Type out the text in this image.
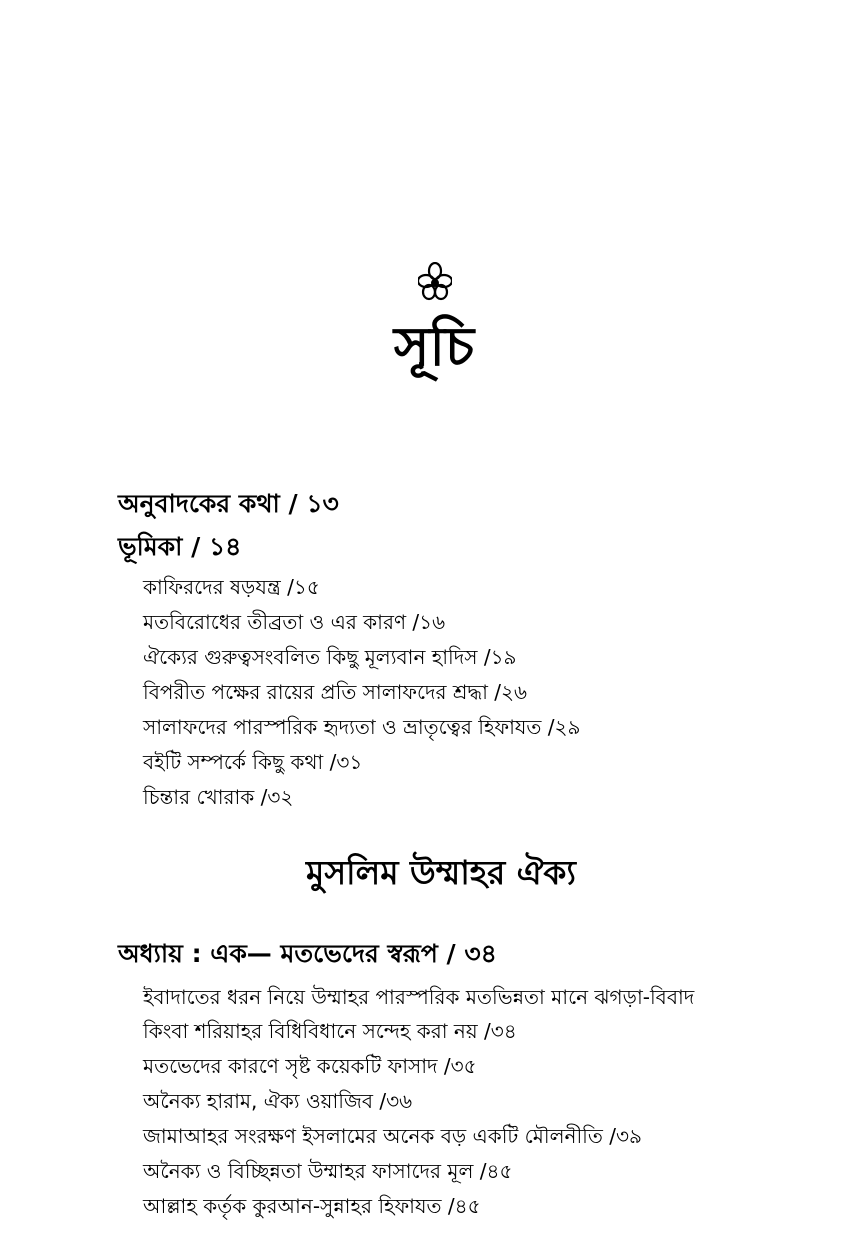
সূচি
অনুবাদকের কথা / ১৩
ভূমিকা / ১৪
কাফিরদের ষড়যন্ত্র /১৫
মতবিরোধের তীব্রতা ও এর কারণ /১৬
ঐক্যের গুরুত্বসংবলিত কিছু মূল্যবান হাদিস /১৯
বিপরীত পক্ষের রায়ের প্রতি সালাফদের শ্রদ্ধা /২৬
সালাফদের পারস্পরিক হৃদ্যতা ও ভ্রাতৃত্বের হিফাযত /২৯
বইটি সম্পর্কে কিছু কথা /৩১
চিন্তার খোরাক /৩২
মুসলিম উম্মাহর ঐক্য
অধ্যায় : এক— মতভেদের স্বরূপ / ৩৪
ইবাদাতের ধরন নিয়ে উম্মাহর পারস্পরিক মতভিন্নতা মানে ঝগড়া-বিবাদ
কিংবা শরিয়াহর বিধিবিধানে সন্দেহ করা নয় /৩৪
মতভেদের কারণে সৃষ্ট কয়েকটি ফাসাদ /৩৫
অনৈক্য হারাম, ঐক্য ওয়াজিব /৩৬
জামাআহর সংরক্ষণ ইসলামের অনেক বড় একটি মৌলনীতি /৩৯
অনৈক্য ও বিচ্ছিন্নতা উম্মাহর ফাসাদের মূল /৪৫
আল্লাহ কর্তৃক কুরআন-সুন্নাহর হিফাযত /৪৫
